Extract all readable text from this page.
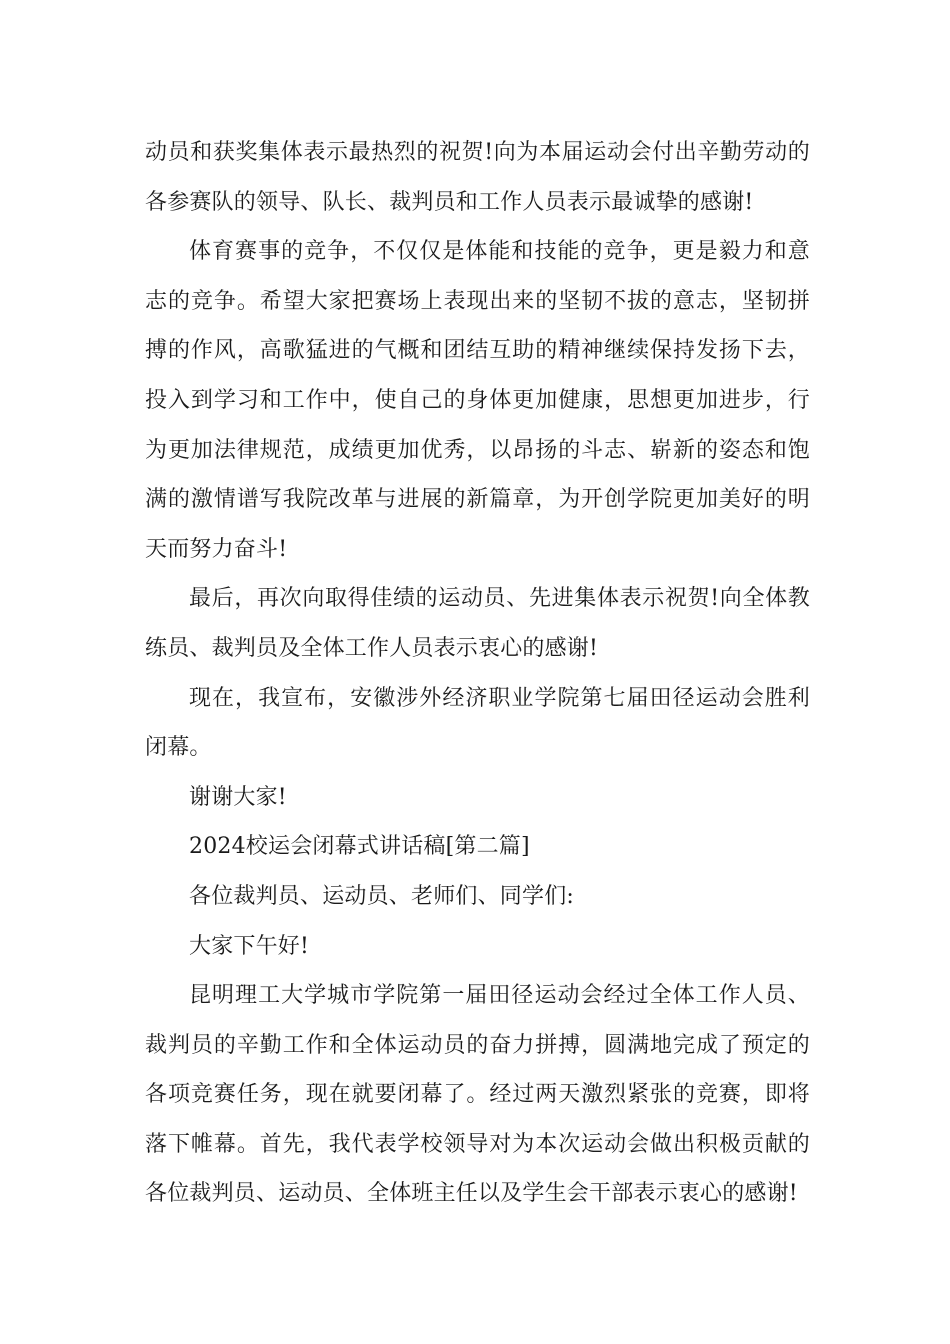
动员和获奖集体表示最热烈的祝贺!向为本届运动会付出辛勤劳动的各参赛队的领导、队长、裁判员和工作人员表示最诚挚的感谢!

体育赛事的竞争，不仅仅是体能和技能的竞争，更是毅力和意志的竞争。希望大家把赛场上表现出来的坚韧不拔的意志，坚韧拼搏的作风，高歌猛进的气概和团结互助的精神继续保持发扬下去，投入到学习和工作中，使自己的身体更加健康，思想更加进步，行为更加法律规范，成绩更加优秀，以昂扬的斗志、崭新的姿态和饱满的激情谱写我院改革与进展的新篇章，为开创学院更加美好的明天而努力奋斗!

最后，再次向取得佳绩的运动员、先进集体表示祝贺!向全体教练员、裁判员及全体工作人员表示衷心的感谢!

现在，我宣布，安徽涉外经济职业学院第七届田径运动会胜利闭幕。

谢谢大家!

2024校运会闭幕式讲话稿[第二篇]

各位裁判员、运动员、老师们、同学们:

大家下午好!

昆明理工大学城市学院第一届田径运动会经过全体工作人员、裁判员的辛勤工作和全体运动员的奋力拼搏，圆满地完成了预定的各项竞赛任务，现在就要闭幕了。经过两天激烈紧张的竞赛，即将落下帷幕。首先，我代表学校领导对为本次运动会做出积极贡献的各位裁判员、运动员、全体班主任以及学生会干部表示衷心的感谢!
